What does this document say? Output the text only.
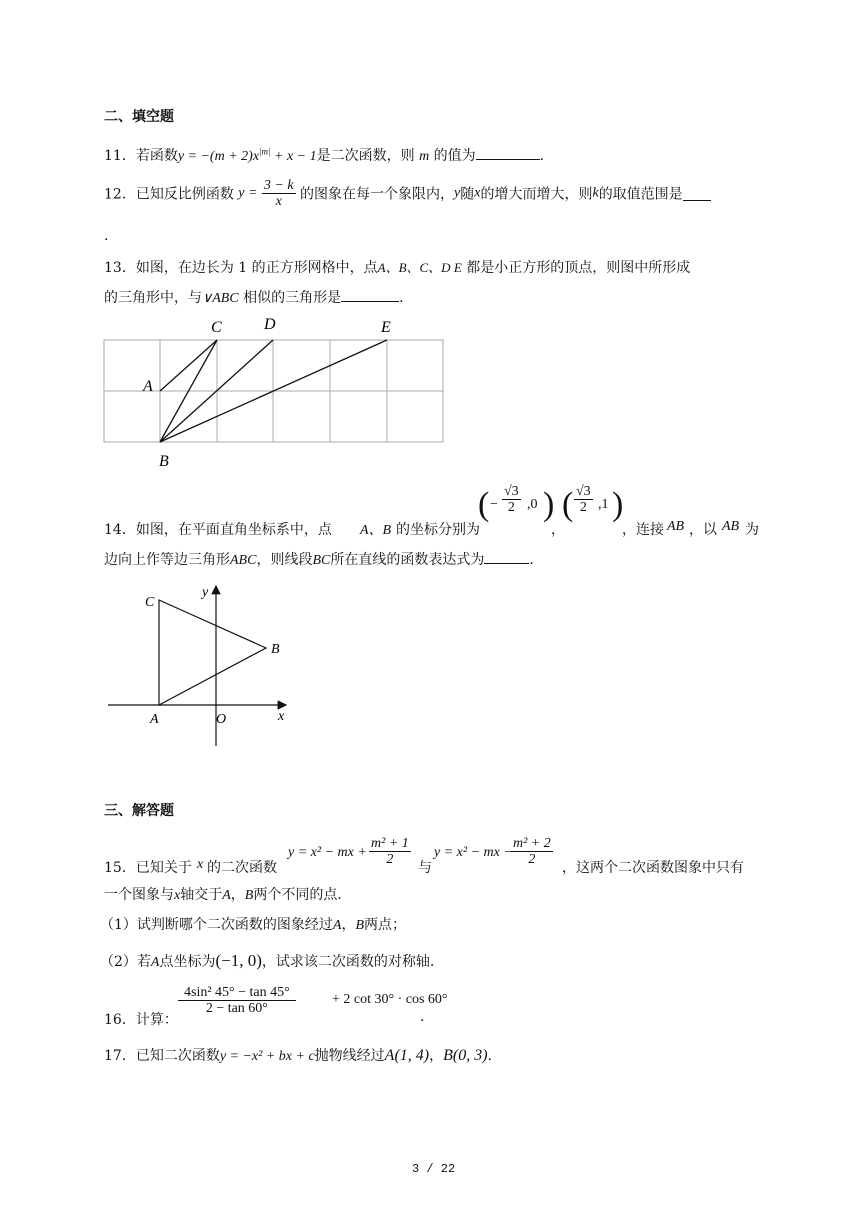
二、填空题
11．若函数$y = -(m + 2)x^{|m|} + x - 1$是二次函数，则 m 的值为	.
12．已知反比例函数 $y = \frac{3 - k}{x}$ 的图象在每一个象限内，y随x的增大而增大，则k的取值范围是
.
13．如图，在边长为 1 的正方形网格中，点A、B、C、D E 都是小正方形的顶点，则图中所形成
的三角形中，与∨ABC 相似的三角形是	.
A
B
C	D	E
14．如图，在平面直角坐标系中，点 A、B 的坐标分别为
( − $\frac{√3}{2} ,0$ )
，
( $\frac{√3}{2} ,1$ )
，连接 AB ，以 AB 为
边向上作等边三角形ABC，则线段BC所在直线的函数表达式为	.
C
y
B
A	O	x
三、解答题
15．已知关于 x 的二次函数
y = x² − mx + $\frac{\text{m² + 1}}{2}$
与
y = x² − mx −
$\frac{\text{m² + 2}}{2}$
，这两个二次函数图象中只有
一个图象与x轴交于A，B两个不同的点.
（1）试判断哪个二次函数的图象经过A，B两点；
（2）若A点坐标为(−1, 0)，试求该二次函数的对称轴.
16．计算：
$\frac{\text{4sin² 45° − tan 45°}}{2 - \tan 60^\circ}$	+ 2 cot 30° · cos 60°
.
17．已知二次函数y = −x² + bx + c抛物线经过A(1, 4)，B(0, 3).
3 / 22
